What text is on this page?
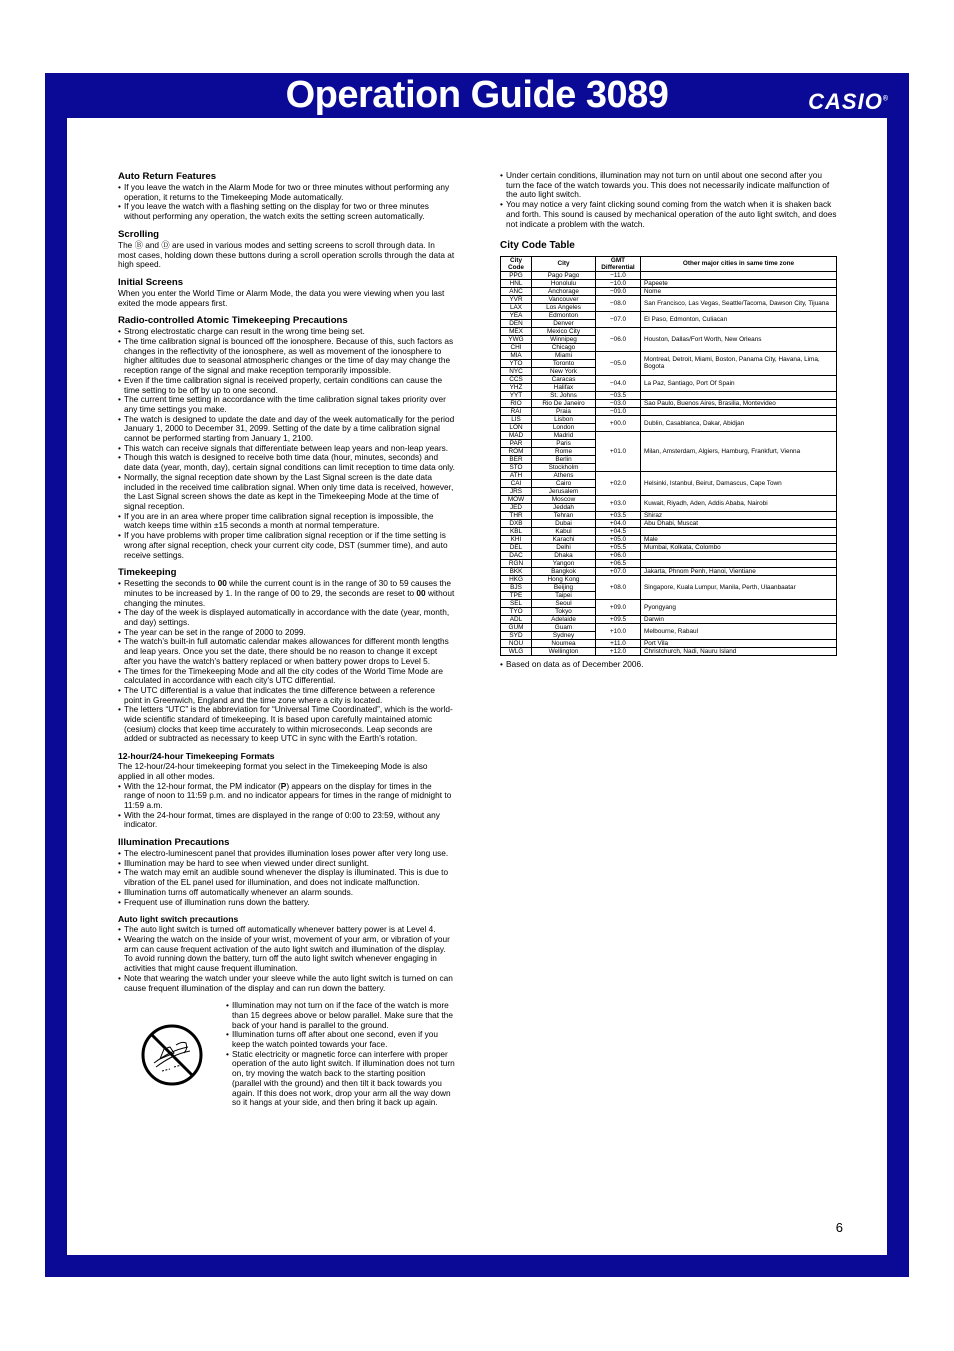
Operation Guide 3089	CASIO®
Auto Return Features
• If you leave the watch in the Alarm Mode for two or three minutes without performing any operation, it returns to the Timekeeping Mode automatically.
• If you leave the watch with a flashing setting on the display for two or three minutes without performing any operation, the watch exits the setting screen automatically.
Scrolling

The Ⓑ and Ⓓ are used in various modes and setting screens to scroll through data. In most cases, holding down these buttons during a scroll operation scrolls through the data at high speed.

Initial Screens

When you enter the World Time or Alarm Mode, the data you were viewing when you last exited the mode appears first.

Radio-controlled Atomic Timekeeping Precautions
• Strong electrostatic charge can result in the wrong time being set.
• The time calibration signal is bounced off the ionosphere. Because of this, such factors as changes in the reflectivity of the ionosphere, as well as movement of the ionosphere to higher altitudes due to seasonal atmospheric changes or the time of day may change the reception range of the signal and make reception temporarily impossible.
• Even if the time calibration signal is received properly, certain conditions can cause the time setting to be off by up to one second.
• The current time setting in accordance with the time calibration signal takes priority over any time settings you make.
• The watch is designed to update the date and day of the week automatically for the period January 1, 2000 to December 31, 2099. Setting of the date by a time calibration signal cannot be performed starting from January 1, 2100.
• This watch can receive signals that differentiate between leap years and non-leap years.
• Though this watch is designed to receive both time data (hour, minutes, seconds) and date data (year, month, day), certain signal conditions can limit reception to time data only.
• Normally, the signal reception date shown by the Last Signal screen is the date data included in the received time calibration signal. When only time data is received, however, the Last Signal screen shows the date as kept in the Timekeeping Mode at the time of signal reception.
• If you are in an area where proper time calibration signal reception is impossible, the watch keeps time within ±15 seconds a month at normal temperature.
• If you have problems with proper time calibration signal reception or if the time setting is wrong after signal reception, check your current city code, DST (summer time), and auto receive settings.
Timekeeping
• Resetting the seconds to 00 while the current count is in the range of 30 to 59 causes the minutes to be increased by 1. In the range of 00 to 29, the seconds are reset to 00 without changing the minutes.
• The day of the week is displayed automatically in accordance with the date (year, month, and day) settings.
• The year can be set in the range of 2000 to 2099.
• The watch’s built-in full automatic calendar makes allowances for different month lengths and leap years. Once you set the date, there should be no reason to change it except after you have the watch’s battery replaced or when battery power drops to Level 5.
• The times for the Timekeeping Mode and all the city codes of the World Time Mode are calculated in accordance with each city’s UTC differential.
• The UTC differential is a value that indicates the time difference between a reference point in Greenwich, England and the time zone where a city is located.
• The letters “UTC” is the abbreviation for “Universal Time Coordinated”, which is the world-wide scientific standard of timekeeping. It is based upon carefully maintained atomic (cesium) clocks that keep time accurately to within microseconds. Leap seconds are added or subtracted as necessary to keep UTC in sync with the Earth’s rotation.
12-hour/24-hour Timekeeping Formats

The 12-hour/24-hour timekeeping format you select in the Timekeeping Mode is also applied in all other modes.

• With the 12-hour format, the PM indicator (P) appears on the display for times in the range of noon to 11:59 p.m. and no indicator appears for times in the range of midnight to 11:59 a.m.
• With the 24-hour format, times are displayed in the range of 0:00 to 23:59, without any indicator.
Illumination Precautions
• The electro-luminescent panel that provides illumination loses power after very long use.
• Illumination may be hard to see when viewed under direct sunlight.
• The watch may emit an audible sound whenever the display is illuminated. This is due to vibration of the EL panel used for illumination, and does not indicate malfunction.
• Illumination turns off automatically whenever an alarm sounds.
• Frequent use of illumination runs down the battery.
Auto light switch precautions
• The auto light switch is turned off automatically whenever battery power is at Level 4.
• Wearing the watch on the inside of your wrist, movement of your arm, or vibration of your arm can cause frequent activation of the auto light switch and illumination of the display. To avoid running down the battery, turn off the auto light switch whenever engaging in activities that might cause frequent illumination.
• Note that wearing the watch under your sleeve while the auto light switch is turned on can cause frequent illumination of the display and can run down the battery.
• Illumination may not turn on if the face of the watch is more than 15 degrees above or below parallel. Make sure that the back of your hand is parallel to the ground.
• Illumination turns off after about one second, even if you keep the watch pointed towards your face.
• Static electricity or magnetic force can interfere with proper operation of the auto light switch. If illumination does not turn on, try moving the watch back to the starting position (parallel with the ground) and then tilt it back towards you again. If this does not work, drop your arm all the way down so it hangs at your side, and then bring it back up again.
• Under certain conditions, illumination may not turn on until about one second after you turn the face of the watch towards you. This does not necessarily indicate malfunction of the auto light switch.
• You may notice a very faint clicking sound coming from the watch when it is shaken back and forth. This sound is caused by mechanical operation of the auto light switch, and does not indicate a problem with the watch.
City Code Table
City Code	City	GMT Differential	Other major cities in same time zone
PPG	Pago Pago	−11.0	
HNL	Honolulu	−10.0	Papeete
ANC	Anchorage	−09.0	Nome
YVR	Vancouver	−08.0	San Francisco, Las Vegas, Seattle/Tacoma, Dawson City, Tijuana
LAX	Los Angeles		
YEA	Edmonton	−07.0	El Paso, Edmonton, Culiacan
DEN	Denver		
MEX	Mexico City	−06.0	Houston, Dallas/Fort Worth, New Orleans
YWG	Winnipeg		
CHI	Chicago		
MIA	Miami	−05.0	Montreal, Detroit, Miami, Boston, Panama City, Havana, Lima, Bogota
YTO	Toronto		
NYC	New York		
CCS	Caracas	−04.0	La Paz, Santiago, Port Of Spain
YHZ	Halifax		
YYT	St. Johns	−03.5	
RIO	Rio De Janeiro	−03.0	Sao Paulo, Buenos Aires, Brasilia, Montevideo
RAI	Praia	−01.0	
LIS	Lisbon	+00.0	Dublin, Casablanca, Dakar, Abidjan
LON	London		
MAD	Madrid	+01.0	Milan, Amsterdam, Algiers, Hamburg, Frankfurt, Vienna
PAR	Paris		
ROM	Rome		
BER	Berlin		
STO	Stockholm		
ATH	Athens	+02.0	Helsinki, Istanbul, Beirut, Damascus, Cape Town
CAI	Cairo		
JRS	Jerusalem		
MOW	Moscow	+03.0	Kuwait, Riyadh, Aden, Addis Ababa, Nairobi
JED	Jeddah		
THR	Tehran	+03.5	Shiraz
DXB	Dubai	+04.0	Abu Dhabi, Muscat
KBL	Kabul	+04.5	
KHI	Karachi	+05.0	Male
DEL	Delhi	+05.5	Mumbai, Kolkata, Colombo
DAC	Dhaka	+06.0	
RGN	Yangon	+06.5	
BKK	Bangkok	+07.0	Jakarta, Phnom Penh, Hanoi, Vientiane
HKG	Hong Kong	+08.0	Singapore, Kuala Lumpur, Manila, Perth, Ulaanbaatar
BJS	Beijing		
TPE	Taipei		
SEL	Seoul	+09.0	Pyongyang
TYO	Tokyo		
ADL	Adelaide	+09.5	Darwin
GUM	Guam	+10.0	Melbourne, Rabaul
SYD	Sydney		
NOU	Noumea	+11.0	Port Vila
WLG	Wellington	+12.0	Christchurch, Nadi, Nauru Island
• Based on data as of December 2006.
6
